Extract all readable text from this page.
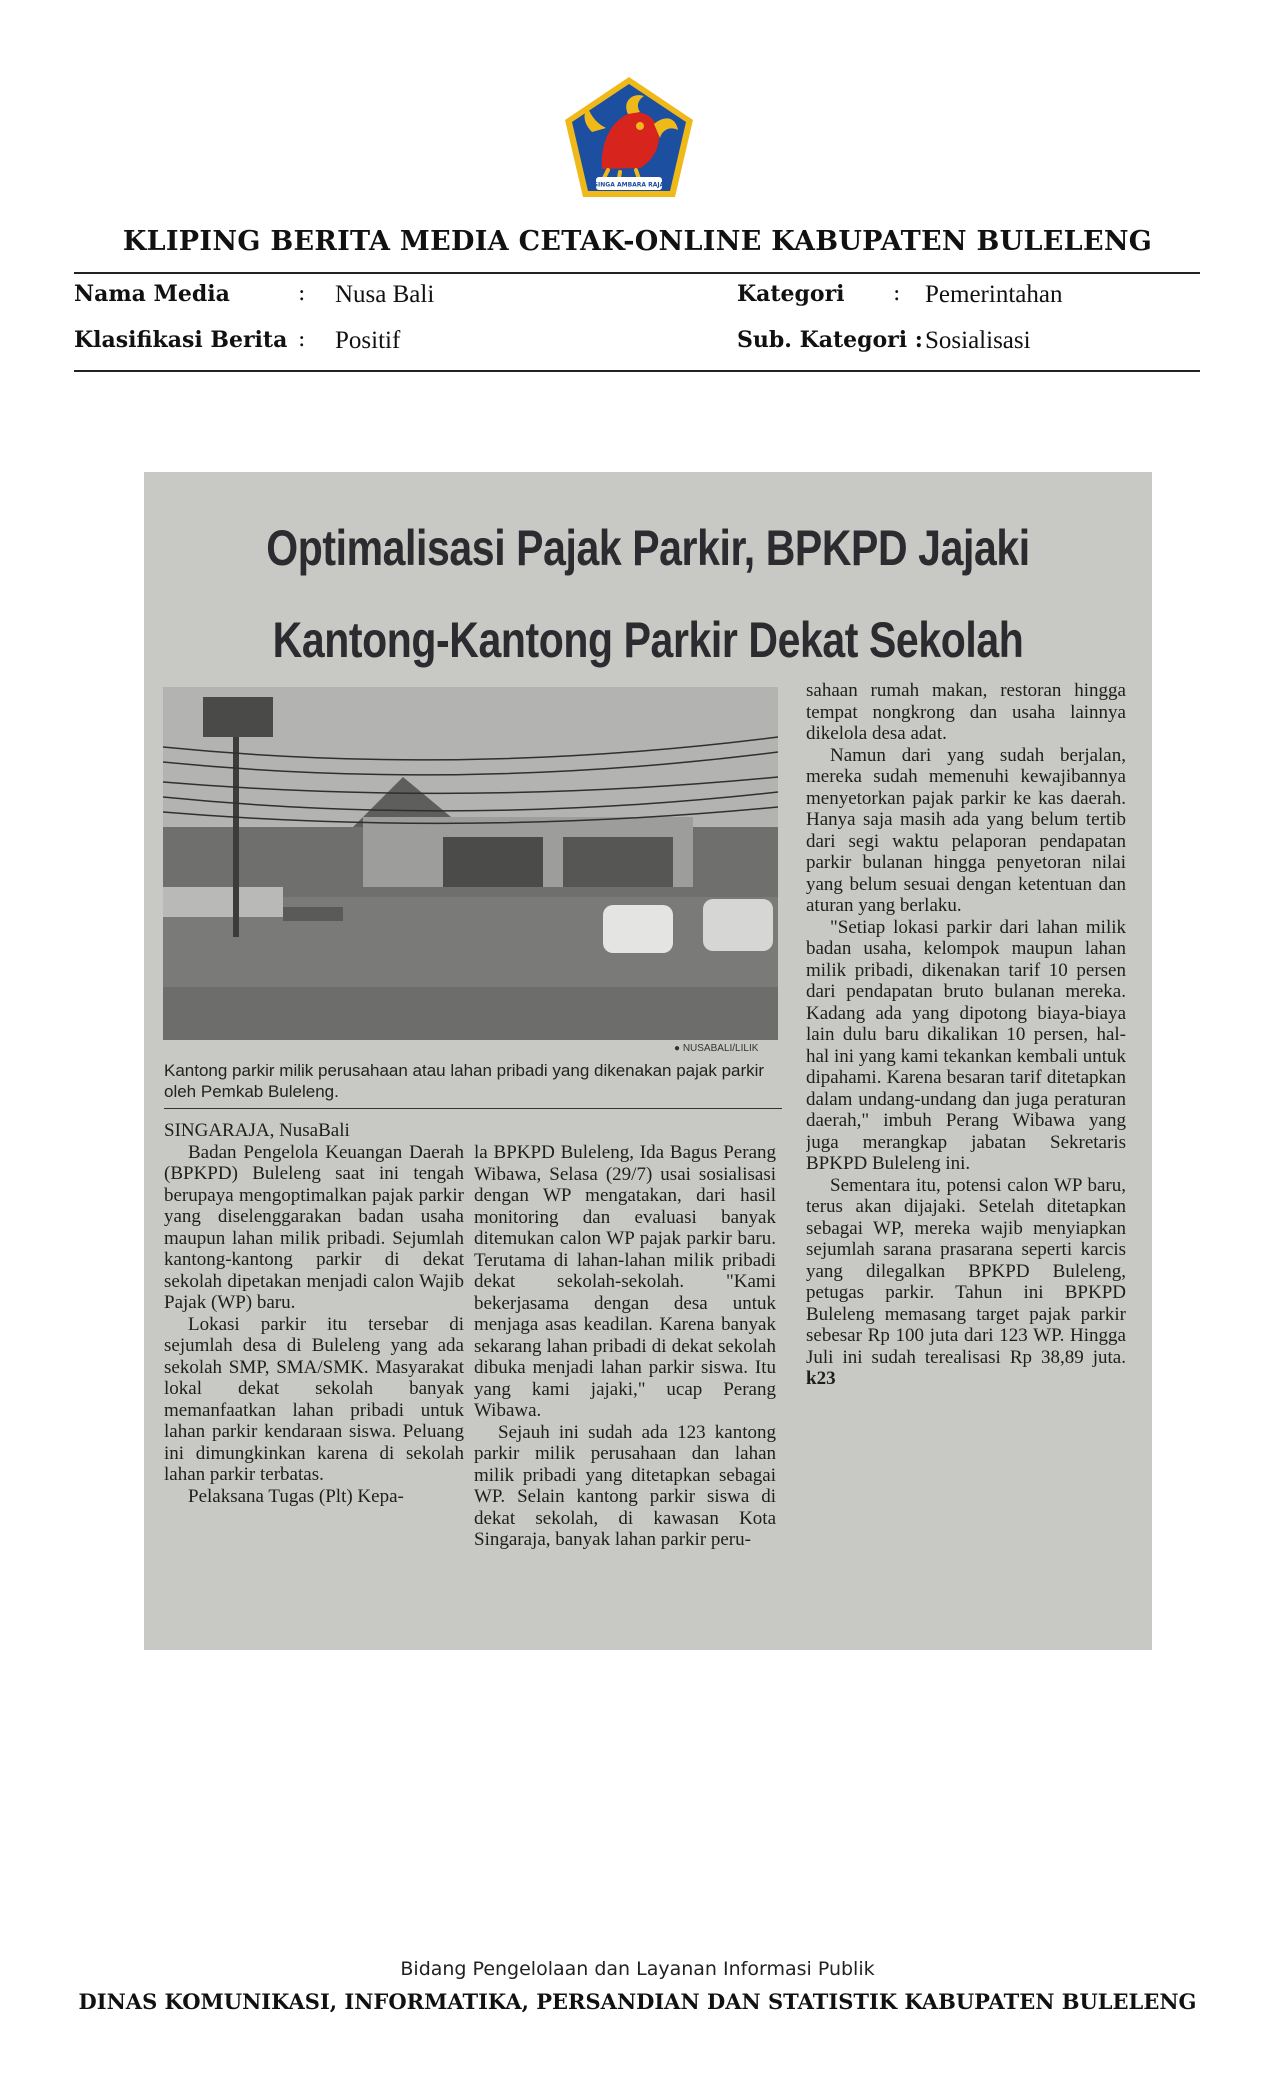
SINGA AMBARA RAJA
KLIPING BERITA MEDIA CETAK-ONLINE KABUPATEN BULELENG
Nama Media	: Nusa Bali
Klasifikasi Berita : Positif
Kategori : Pemerintahan
Sub. Kategori : Sosialisasi
Optimalisasi Pajak Parkir, BPKPD Jajaki
Kantong-Kantong Parkir Dekat Sekolah
● NUSABALI/LILIK
Kantong parkir milik perusahaan atau lahan pribadi yang dikenakan pajak parkir oleh Pemkab Buleleng.

SINGARAJA, NusaBali

Badan Pengelola Keuangan Daerah (BPKPD) Buleleng saat ini tengah berupaya mengoptimalkan pajak parkir yang diselenggarakan badan usaha maupun lahan milik pribadi. Sejumlah kantong-kantong parkir di dekat sekolah dipetakan menjadi calon Wajib Pajak (WP) baru.

Lokasi parkir itu tersebar di sejumlah desa di Buleleng yang ada sekolah SMP, SMA/SMK. Masyarakat lokal dekat sekolah banyak memanfaatkan lahan pribadi untuk lahan parkir kendaraan siswa. Peluang ini dimungkinkan karena di sekolah lahan parkir terbatas.

Pelaksana Tugas (Plt) Kepa-

la BPKPD Buleleng, Ida Bagus Perang Wibawa, Selasa (29/7) usai sosialisasi dengan WP mengatakan, dari hasil monitoring dan evaluasi banyak ditemukan calon WP pajak parkir baru. Terutama di lahan-lahan milik pribadi dekat sekolah-sekolah. "Kami bekerjasama dengan desa untuk menjaga asas keadilan. Karena banyak sekarang lahan pribadi di dekat sekolah dibuka menjadi lahan parkir siswa. Itu yang kami jajaki," ucap Perang Wibawa.

Sejauh ini sudah ada 123 kantong parkir milik perusahaan dan lahan milik pribadi yang ditetapkan sebagai WP. Selain kantong parkir siswa di dekat sekolah, di kawasan Kota Singaraja, banyak lahan parkir peru-

sahaan rumah makan, restoran hingga tempat nongkrong dan usaha lainnya dikelola desa adat.

Namun dari yang sudah berjalan, mereka sudah memenuhi kewajibannya menyetorkan pajak parkir ke kas daerah. Hanya saja masih ada yang belum tertib dari segi waktu pelaporan pendapatan parkir bulanan hingga penyetoran nilai yang belum sesuai dengan ketentuan dan aturan yang berlaku.

"Setiap lokasi parkir dari lahan milik badan usaha, kelompok maupun lahan milik pribadi, dikenakan tarif 10 persen dari pendapatan bruto bulanan mereka. Kadang ada yang dipotong biaya-biaya lain dulu baru dikalikan 10 persen, hal-hal ini yang kami tekankan kembali untuk dipahami. Karena besaran tarif ditetapkan dalam undang-undang dan juga peraturan daerah," imbuh Perang Wibawa yang juga merangkap jabatan Sekretaris BPKPD Buleleng ini.

Sementara itu, potensi calon WP baru, terus akan dijajaki. Setelah ditetapkan sebagai WP, mereka wajib menyiapkan sejumlah sarana prasarana seperti karcis yang dilegalkan BPKPD Buleleng, petugas parkir. Tahun ini BPKPD Buleleng memasang target pajak parkir sebesar Rp 100 juta dari 123 WP. Hingga Juli ini sudah terealisasi Rp 38,89 juta. k23

Bidang Pengelolaan dan Layanan Informasi Publik
DINAS KOMUNIKASI, INFORMATIKA, PERSANDIAN DAN STATISTIK KABUPATEN BULELENG
